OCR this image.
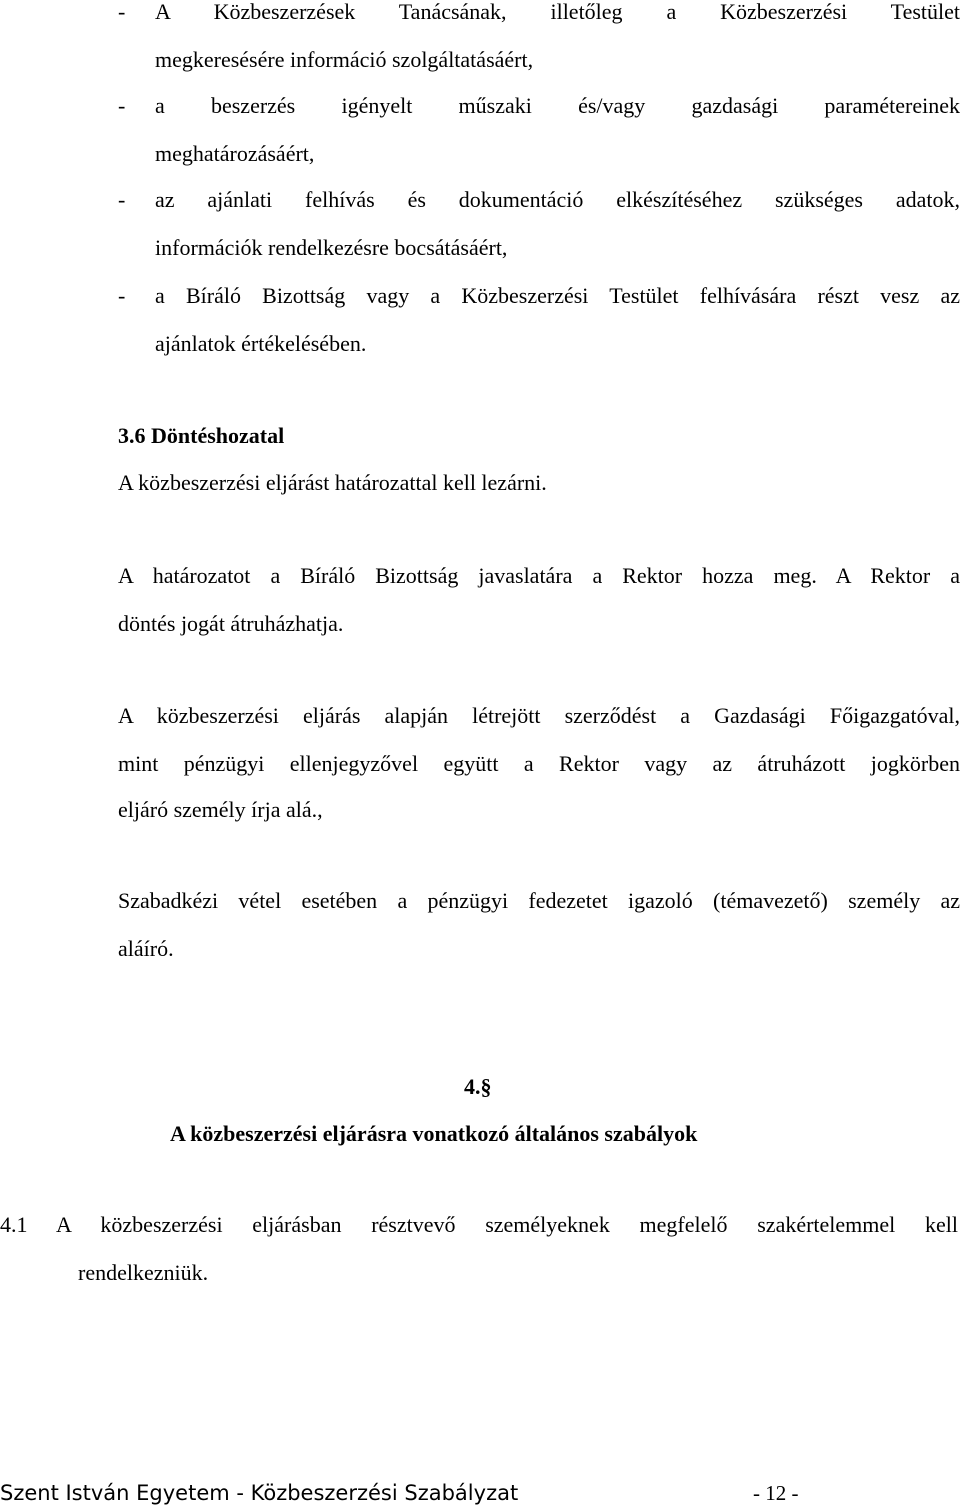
- A Közbeszerzések Tanácsának, illetőleg a Közbeszerzési Testület
megkeresésére információ szolgáltatásáért,
- a beszerzés igényelt műszaki és/vagy gazdasági paramétereinek
meghatározásáért,
- az ajánlati felhívás és dokumentáció elkészítéséhez szükséges adatok,
információk rendelkezésre bocsátásáért,
- a Bíráló Bizottság vagy a Közbeszerzési Testület felhívására részt vesz az
ajánlatok értékelésében.
3.6 Döntéshozatal
A közbeszerzési eljárást határozattal kell lezárni.
A határozatot a Bíráló Bizottság javaslatára a Rektor hozza meg. A Rektor a
döntés jogát átruházhatja.
A közbeszerzési eljárás alapján létrejött szerződést a Gazdasági Főigazgatóval,
mint pénzügyi ellenjegyzővel együtt a Rektor vagy az átruházott jogkörben
eljáró személy írja alá.,
Szabadkézi vétel esetében a pénzügyi fedezetet igazoló (témavezető) személy az
aláíró.
4.§
A közbeszerzési eljárásra vonatkozó általános szabályok
4.1 A közbeszerzési eljárásban résztvevő személyeknek megfelelő szakértelemmel kell
rendelkezniük.
Szent István Egyetem - Közbeszerzési Szabályzat	- 12 -
